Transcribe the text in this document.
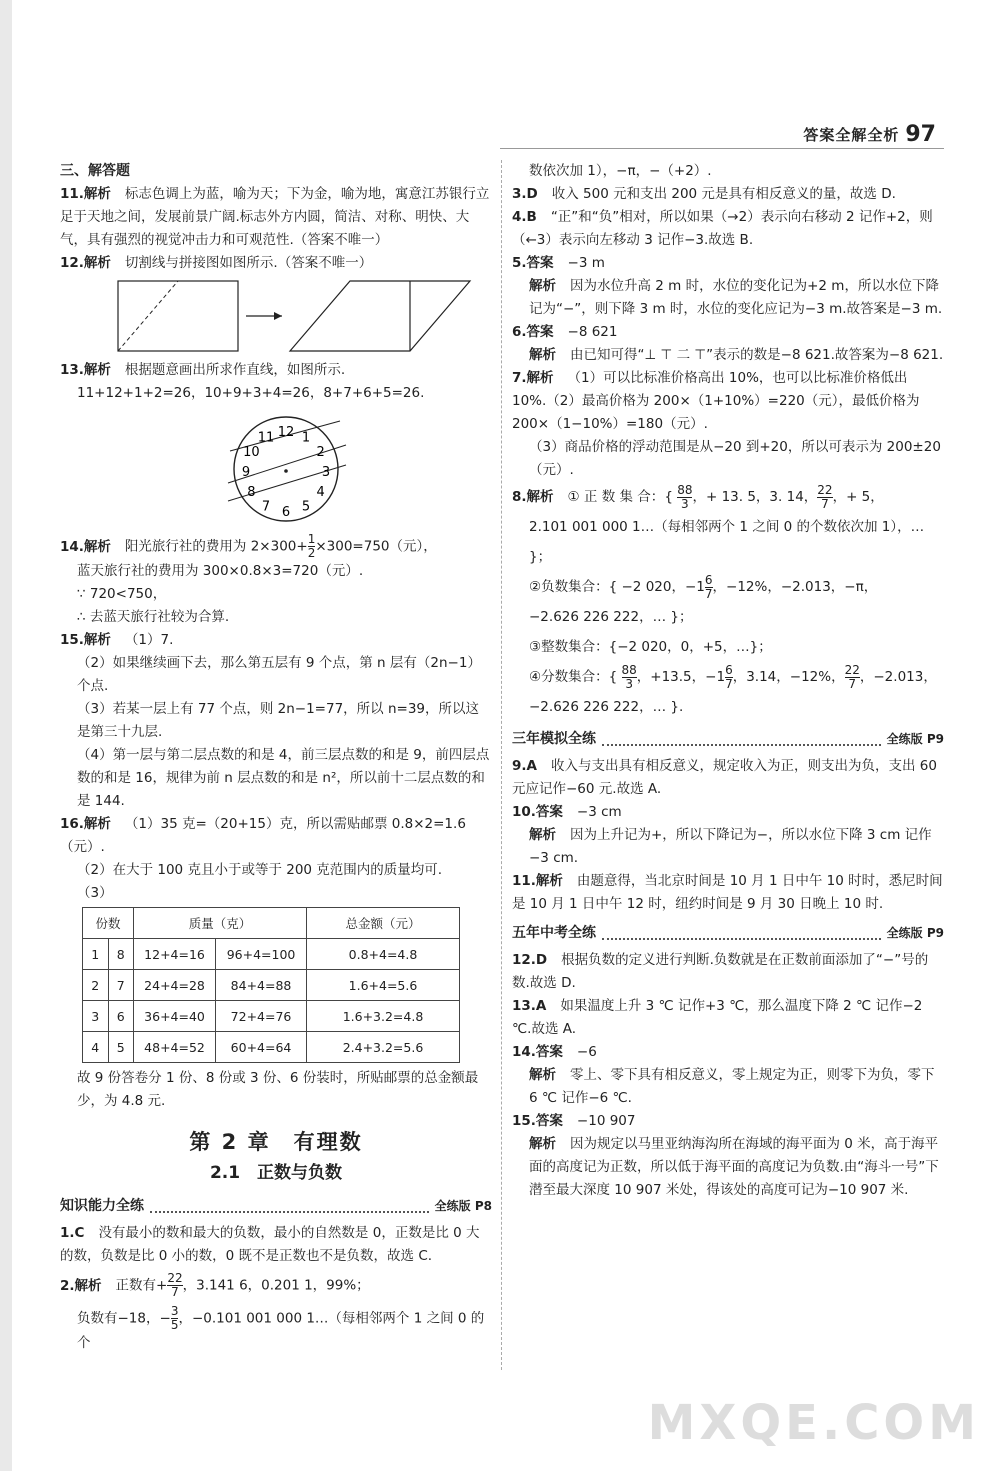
答案全解全析 97

三、解答题

11.解析 标志色调上为蓝，喻为天；下为金，喻为地，寓意江苏银行立足于天地之间，发展前景广阔.标志外方内圆，简洁、对称、明快、大气，具有强烈的视觉冲击力和可观范性.（答案不唯一）

12.解析 切割线与拼接图如图所示.（答案不唯一）

13.解析 根据题意画出所求作直线，如图所示.

11+12+1+2=26，10+9+3+4=26，8+7+6+5=26.

12 1
2
3
4
5
6
7
8
9
10
11

14.解析 阳光旅行社的费用为 $2\times 300+ \frac{1}{2} \times 300=750$（元），

蓝天旅行社的费用为 300×0.8×3=720（元）.

∵ 720<750，

∴ 去蓝天旅行社较为合算.

15.解析 （1）7.

（2）如果继续画下去，那么第五层有 9 个点，第 n 层有（2n−1）个点.

（3）若某一层上有 77 个点，则 2n−1=77，所以 n=39，所以这是第三十九层.

（4）第一层与第二层点数的和是 4，前三层点数的和是 9，前四层点数的和是 16，规律为前 n 层点数的和是 n²，所以前十二层点数的和是 144.

16.解析 （1）35 克=（20+15）克，所以需贴邮票 0.8×2=1.6（元）.

（2）在大于 100 克且小于或等于 200 克范围内的质量均可.

（3）

份数		质量（克）		总金额（元）
1	8	12+4=16	96+4=100	0.8+4=4.8
2	7	24+4=28	84+4=88	1.6+4=5.6
3	6	36+4=40	72+4=76	1.6+3.2=4.8
4	5	48+4=52	60+4=64	2.4+3.2=5.6

故 9 份答卷分 1 份、8 份或 3 份、6 份装时，所贴邮票的总金额最少，为 4.8 元.

第 2 章　有理数

2.1　正数与负数

知识能力全练	全练版 P8

1.C 没有最小的数和最大的负数，最小的自然数是 0，正数是比 0 大的数，负数是比 0 小的数，0 既不是正数也不是负数，故选 C.

2.解析 正数有+ $\frac{22}{7}$ ，3.141 6，0.201 1，99%；

负数有−18，− $\frac{3}{5}$ ，−0.101 001 000 1…（每相邻两个 1 之间 0 的个

数依次加 1），−π，−（+2）.

3.D 收入 500 元和支出 200 元是具有相反意义的量，故选 D.

4.B “正”和“负”相对，所以如果（→2）表示向右移动 2 记作+2，则（←3）表示向左移动 3 记作−3.故选 B.

5.答案 −3 m

解析 因为水位升高 2 m 时，水位的变化记为+2 m，所以水位下降记为“−”，则下降 3 m 时，水位的变化应记为−3 m.故答案是−3 m.

6.答案 −8 621

解析 由已知可得“⊥ ⊤ 二 ⊤”表示的数是−8 621.故答案为−8 621.

7.解析 （1）可以比标准价格高出 10%，也可以比标准价格低出 10%.（2）最高价格为 200×（1+10%）=220（元），最低价格为 200×（1−10%）=180（元）.

（3）商品价格的浮动范围是从−20 到+20，所以可表示为 200±20（元）.

8.解析 ① 正 数 集 合：{ $\frac{88}{3}$ ，+ 13. 5，3. 14， $\frac{22}{7}$ ，+ 5，

2.101 001 000 1…（每相邻两个 1 之间 0 的个数依次加 1），… }；

②负数集合：{ −2 020，$-1 \frac{6}{7}$ ，−12%，−2.013̇，−π，

−2.626 226 222，… }；

③整数集合：{−2 020，0，+5，…}；

④分数集合：{ $\frac{88}{3}$ ，+13.5，$-1 \frac{6}{7}$ ，3.14，−12%， $\frac{22}{7}$ ，−2.013̇，

−2.626 226 222，… }.

三年模拟全练	全练版 P9

9.A 收入与支出具有相反意义，规定收入为正，则支出为负，支出 60 元应记作−60 元.故选 A.

10.答案 −3 cm

解析 因为上升记为+，所以下降记为−，所以水位下降 3 cm 记作−3 cm.

11.解析 由题意得，当北京时间是 10 月 1 日中午 10 时时，悉尼时间是 10 月 1 日中午 12 时，纽约时间是 9 月 30 日晚上 10 时.

五年中考全练	全练版 P9

12.D 根据负数的定义进行判断.负数就是在正数前面添加了“−”号的数.故选 D.

13.A 如果温度上升 3 ℃ 记作+3 ℃，那么温度下降 2 ℃ 记作−2 ℃.故选 A.

14.答案 −6

解析 零上、零下具有相反意义，零上规定为正，则零下为负，零下 6 ℃ 记作−6 ℃.

15.答案 −10 907

解析 因为规定以马里亚纳海沟所在海域的海平面为 0 米，高于海平面的高度记为正数，所以低于海平面的高度记为负数.由“海斗一号”下潜至最大深度 10 907 米处，得该处的高度可记为−10 907 米.

MXQE.COM
